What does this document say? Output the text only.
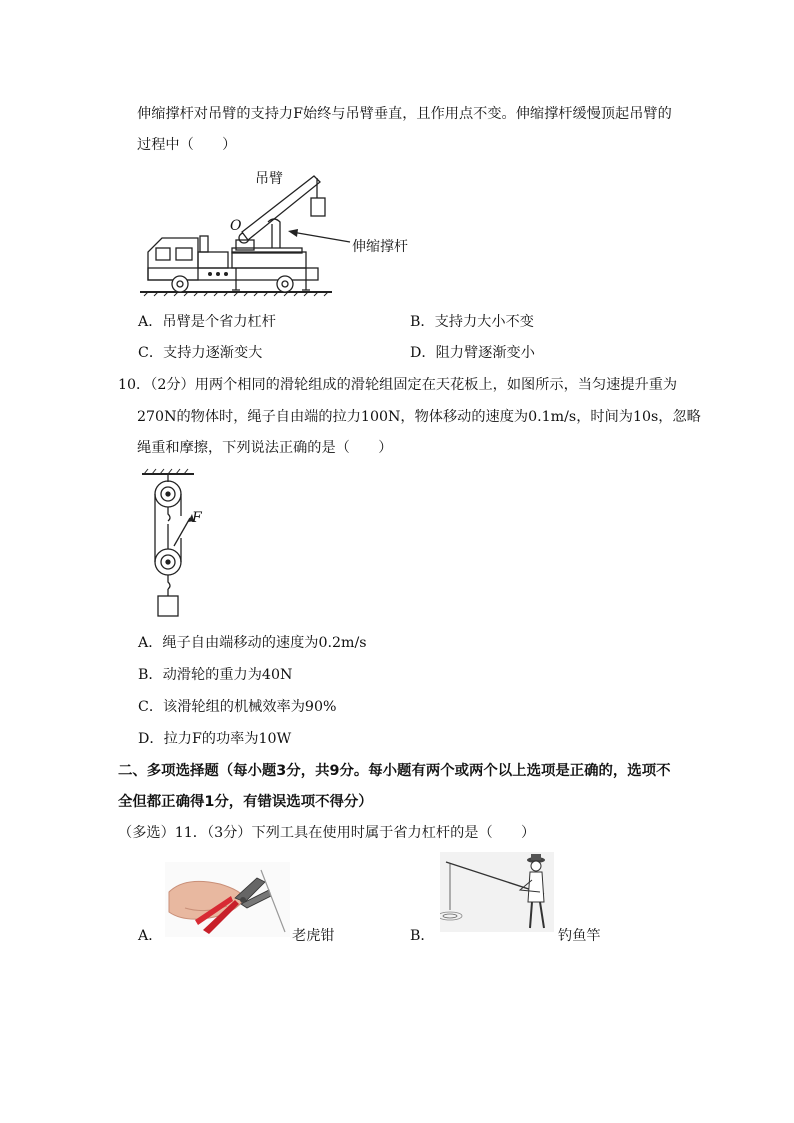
伸缩撑杆对吊臂的支持力F始终与吊臂垂直，且作用点不变。伸缩撑杆缓慢顶起吊臂的
过程中（　　）
吊臂
O
伸缩撑杆
A．吊臂是个省力杠杆	B．支持力大小不变
C．支持力逐渐变大	D．阻力臂逐渐变小
10．（2分）用两个相同的滑轮组成的滑轮组固定在天花板上，如图所示，当匀速提升重为
270N的物体时，绳子自由端的拉力100N，物体移动的速度为0.1m/s，时间为10s，忽略
绳重和摩擦，下列说法正确的是（　　）
F
A．绳子自由端移动的速度为0.2m/s
B．动滑轮的重力为40N
C．该滑轮组的机械效率为90%
D．拉力F的功率为10W
二、多项选择题（每小题3分，共9分。每小题有两个或两个以上选项是正确的，选项不
全但都正确得1分，有错误选项不得分）
（多选）11．（3分）下列工具在使用时属于省力杠杆的是（　　）
A．	老虎钳	B．	钓鱼竿
